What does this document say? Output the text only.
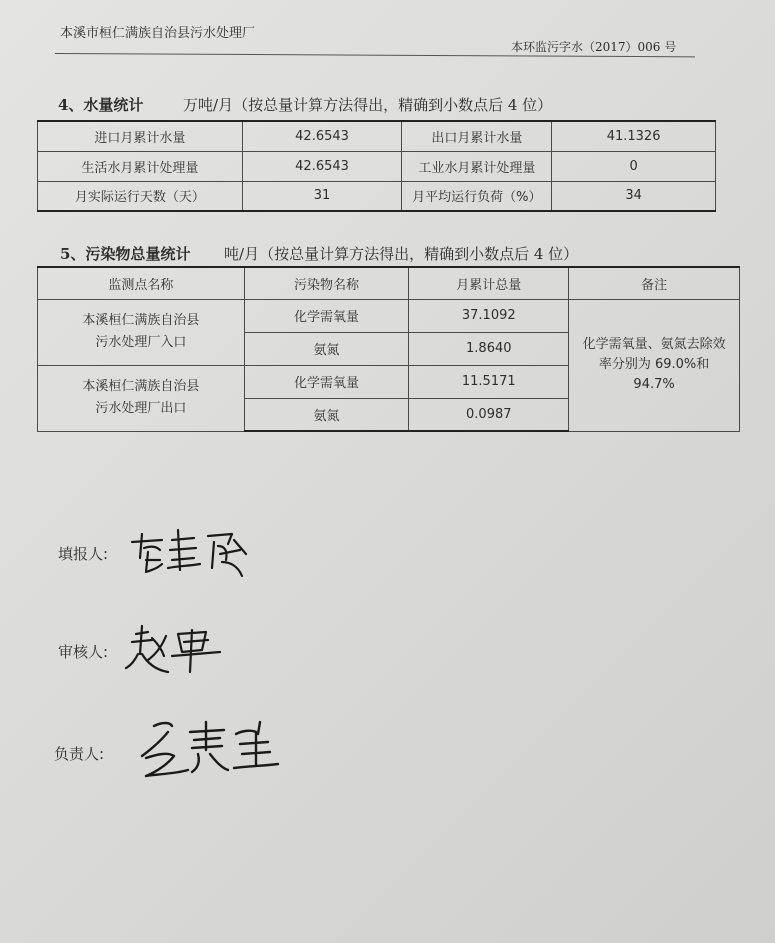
本溪市桓仁满族自治县污水处理厂
本环监污字水（2017）006 号
4、水量统计	万吨/月（按总量计算方法得出，精确到小数点后 4 位）
进口月累计水量	42.6543	出口月累计水量	41.1326
生活水月累计处理量	42.6543	工业水月累计处理量	0
月实际运行天数（天）	31	月平均运行负荷（%）	34
5、污染物总量统计 吨/月（按总量计算方法得出，精确到小数点后 4 位）
监测点名称	污染物名称	月累计总量	备注

本溪桓仁满族自治县
污水处理厂入口	化学需氧量	37.1092	化学需氧量、氨氮去除效率分别为 69.0%和 94.7%
	氨氮	1.8640	

本溪桓仁满族自治县
污水处理厂出口	化学需氧量	11.5171	
	氨氮	0.0987	
填报人:
审核人:
负责人:
